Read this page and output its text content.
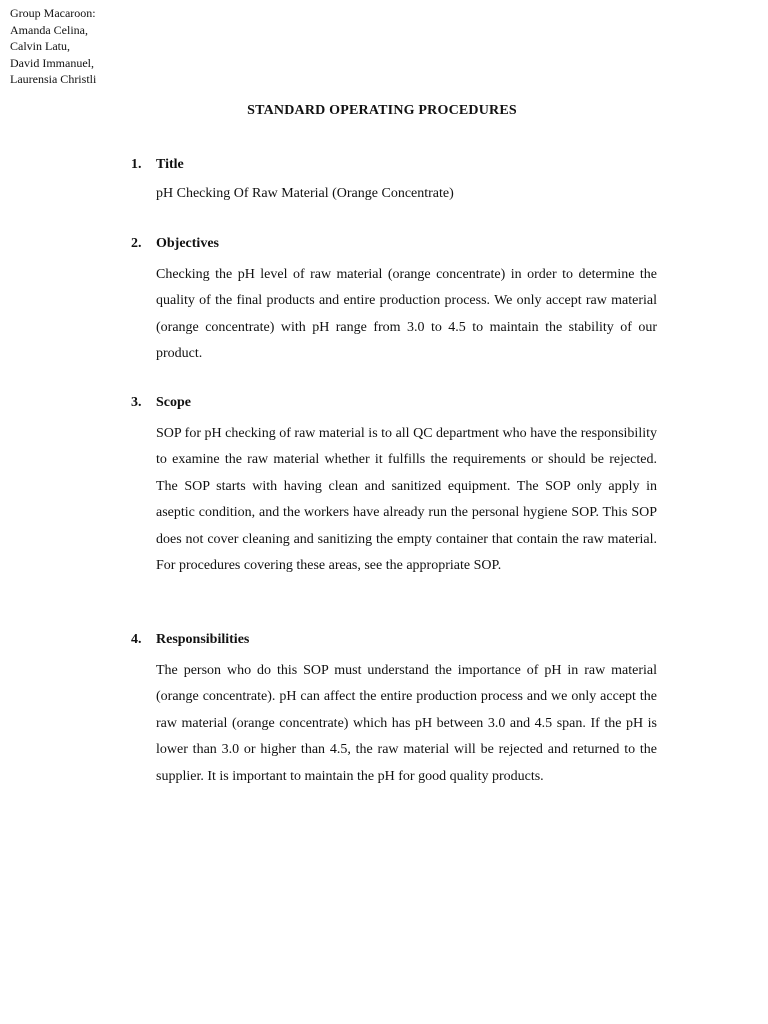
Group Macaroon:
Amanda Celina,
Calvin Latu,
David Immanuel,
Laurensia Christli
STANDARD OPERATING PROCEDURES
1.	Title
pH Checking Of Raw Material (Orange Concentrate)
2.	Objectives
Checking the pH level of raw material (orange concentrate) in order to determine the quality of the final products and entire production process. We only accept raw material (orange concentrate) with pH range from 3.0 to 4.5 to maintain the stability of our product.
3.	Scope
SOP for pH checking of raw material is to all QC department who have the responsibility to examine the raw material whether it fulfills the requirements or should be rejected. The SOP starts with having clean and sanitized equipment. The SOP only apply in aseptic condition, and the workers have already run the personal hygiene SOP. This SOP does not cover cleaning and sanitizing the empty container that contain the raw material. For procedures covering these areas, see the appropriate SOP.
4.	Responsibilities
The person who do this SOP must understand the importance of pH in raw material (orange concentrate). pH can affect the entire production process and we only accept the raw material (orange concentrate) which has pH between 3.0 and 4.5 span. If the pH is lower than 3.0 or higher than 4.5, the raw material will be rejected and returned to the supplier. It is important to maintain the pH for good quality products.
